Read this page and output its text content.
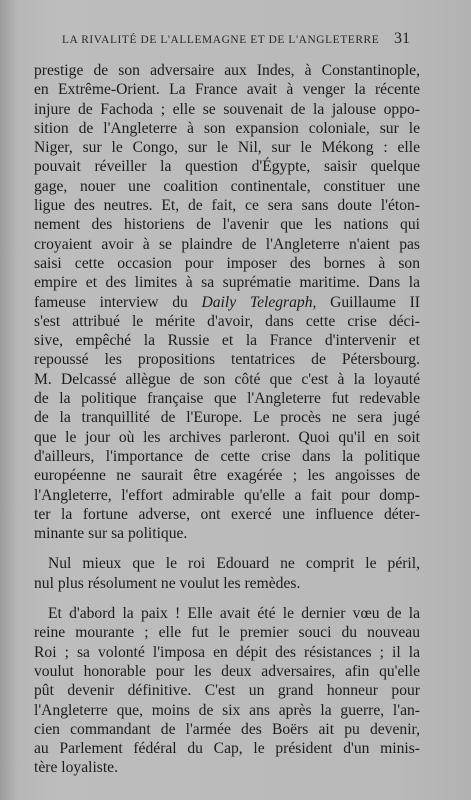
LA RIVALITÉ DE L'ALLEMAGNE ET DE L'ANGLETERRE 31
prestige de son adversaire aux Indes, à Constantinople,
en Extrême-Orient. La France avait à venger la récente
injure de Fachoda ; elle se souvenait de la jalouse oppo-
sition de l'Angleterre à son expansion coloniale, sur le
Niger, sur le Congo, sur le Nil, sur le Mékong : elle
pouvait réveiller la question d'Égypte, saisir quelque
gage, nouer une coalition continentale, constituer une
ligue des neutres. Et, de fait, ce sera sans doute l'éton-
nement des historiens de l'avenir que les nations qui
croyaient avoir à se plaindre de l'Angleterre n'aient pas
saisi cette occasion pour imposer des bornes à son
empire et des limites à sa suprématie maritime. Dans la
fameuse interview du Daily Telegraph, Guillaume II
s'est attribué le mérite d'avoir, dans cette crise déci-
sive, empêché la Russie et la France d'intervenir et
repoussé les propositions tentatrices de Pétersbourg.
M. Delcassé allègue de son côté que c'est à la loyauté
de la politique française que l'Angleterre fut redevable
de la tranquillité de l'Europe. Le procès ne sera jugé
que le jour où les archives parleront. Quoi qu'il en soit
d'ailleurs, l'importance de cette crise dans la politique
européenne ne saurait être exagérée ; les angoisses de
l'Angleterre, l'effort admirable qu'elle a fait pour domp-
ter la fortune adverse, ont exercé une influence déter-
minante sur sa politique.
Nul mieux que le roi Edouard ne comprit le péril,
nul plus résolument ne voulut les remèdes.
Et d'abord la paix ! Elle avait été le dernier vœu de la
reine mourante ; elle fut le premier souci du nouveau
Roi ; sa volonté l'imposa en dépit des résistances ; il la
voulut honorable pour les deux adversaires, afin qu'elle
pût devenir définitive. C'est un grand honneur pour
l'Angleterre que, moins de six ans après la guerre, l'an-
cien commandant de l'armée des Boërs ait pu devenir,
au Parlement fédéral du Cap, le président d'un minis-
tère loyaliste.
